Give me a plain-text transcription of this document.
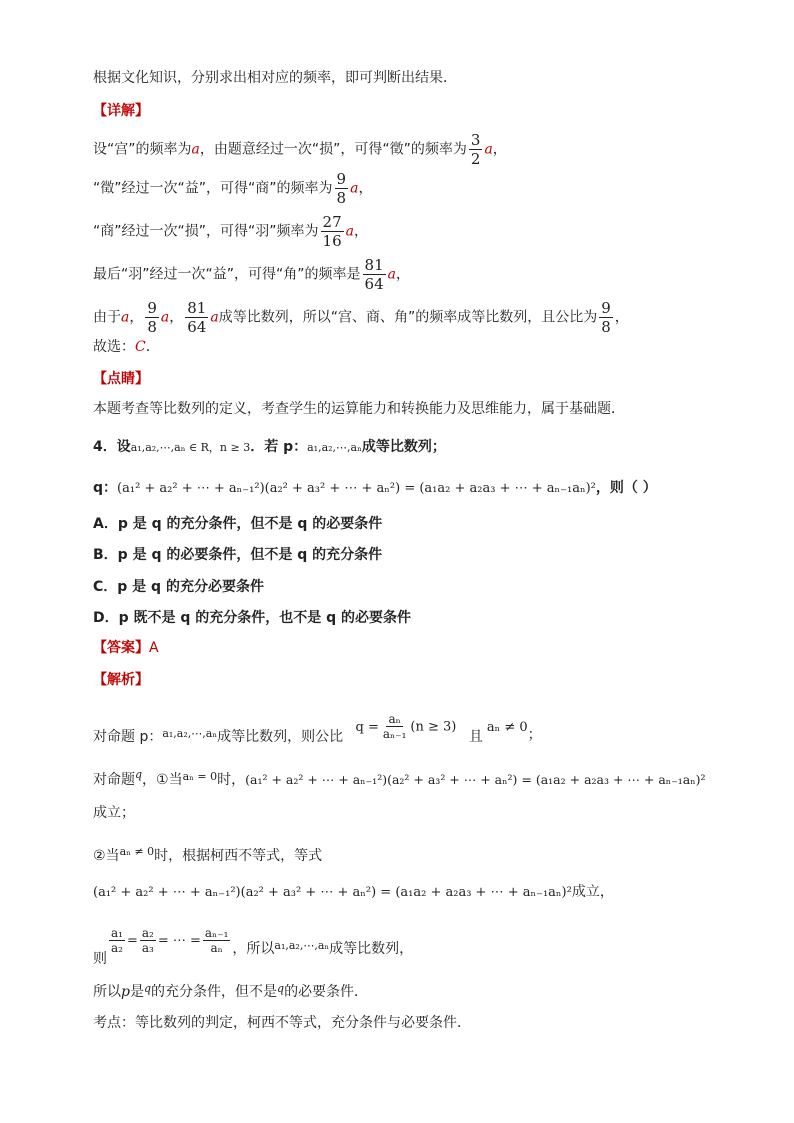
根据文化知识，分别求出相对应的频率，即可判断出结果．
【详解】
设“宫”的频率为a，由题意经过一次“损”，可得“徵”的频率为 $\frac{3}{2}$ a，
“徵”经过一次“益”，可得“商”的频率为 $\frac{9}{8}$ a，
“商”经过一次“损”，可得“羽”频率为 $\frac{27}{16}$ a，
最后“羽”经过一次“益”，可得“角”的频率是 $\frac{81}{64}$ a，
由于a， $\frac{9}{8}$ a， $\frac{81}{64}$ a成等比数列，所以“宫、商、角”的频率成等比数列，且公比为 $\frac{9}{8}$ ，
故选：C．
【点睛】
本题考查等比数列的定义，考查学生的运算能力和转换能力及思维能力，属于基础题．
4．设a₁,a₂,⋯,aₙ ∈ R，n ≥ 3．若 p：a₁,a₂,⋯,aₙ成等比数列；
q：(a₁² + a₂² + ⋯ + aₙ₋₁²)(a₂² + a₃² + ⋯ + aₙ²) = (a₁a₂ + a₂a₃ + ⋯ + aₙ₋₁aₙ)²，则（ ）
A．p 是 q 的充分条件，但不是 q 的必要条件
B．p 是 q 的必要条件，但不是 q 的充分条件
C．p 是 q 的充分必要条件
D．p 既不是 q 的充分条件，也不是 q 的必要条件
【答案】A
【解析】
对命题 p：$_{a_1,a_2,\cdots,a_n}$成等比数列，则公比 $q = \frac{\text{aₙ}}{\text{aₙ₋₁}} (n \ge 3)$ 且aₙ ≠ 0；
对命题$^q$，①当$^{a_n = 0}$时，(a₁² + a₂² + ⋯ + aₙ₋₁²)(a₂² + a₃² + ⋯ + aₙ²) = (a₁a₂ + a₂a₃ + ⋯ + aₙ₋₁aₙ)²
成立；
②当$^{a_n \ne 0}$时，根据柯西不等式，等式
(a₁² + a₂² + ⋯ + aₙ₋₁²)(a₂² + a₃² + ⋯ + aₙ²) = (a₁a₂ + a₂a₃ + ⋯ + aₙ₋₁aₙ)²成立，
则
$\frac{\text{a₁}}{\text{a₂}} = \frac{\text{a₂}}{\text{a₃}}$ = ⋯ = $\frac{\text{aₙ₋₁}}{\text{aₙ}}$ ，所以$_{a_1,a_2,\cdots,a_n}$成等比数列，
所以p是$^q$的充分条件，但不是$^q$的必要条件．
考点：等比数列的判定，柯西不等式，充分条件与必要条件．
